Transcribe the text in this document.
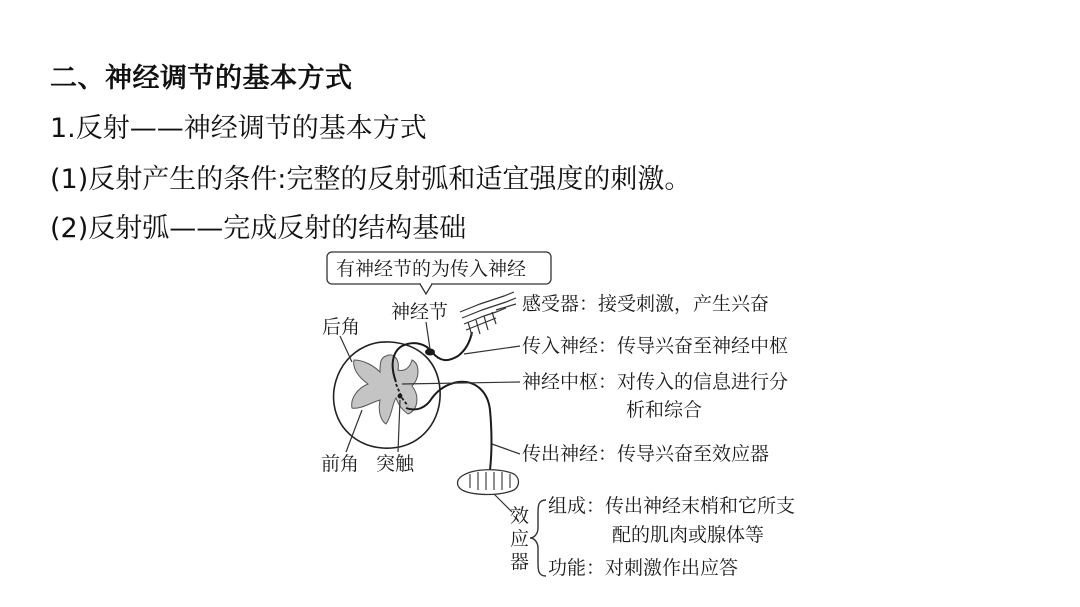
二、神经调节的基本方式
1.反射——神经调节的基本方式
(1)反射产生的条件:完整的反射弧和适宜强度的刺激。
(2)反射弧——完成反射的结构基础
有神经节的为传入神经
神经节
后角
前角 突触
感受器：接受刺激，产生兴奋
传入神经：传导兴奋至神经中枢
神经中枢：对传入的信息进行分
析和综合
传出神经：传导兴奋至效应器
效
应
器
组成：传出神经末梢和它所支
配的肌肉或腺体等
功能：对刺激作出应答
